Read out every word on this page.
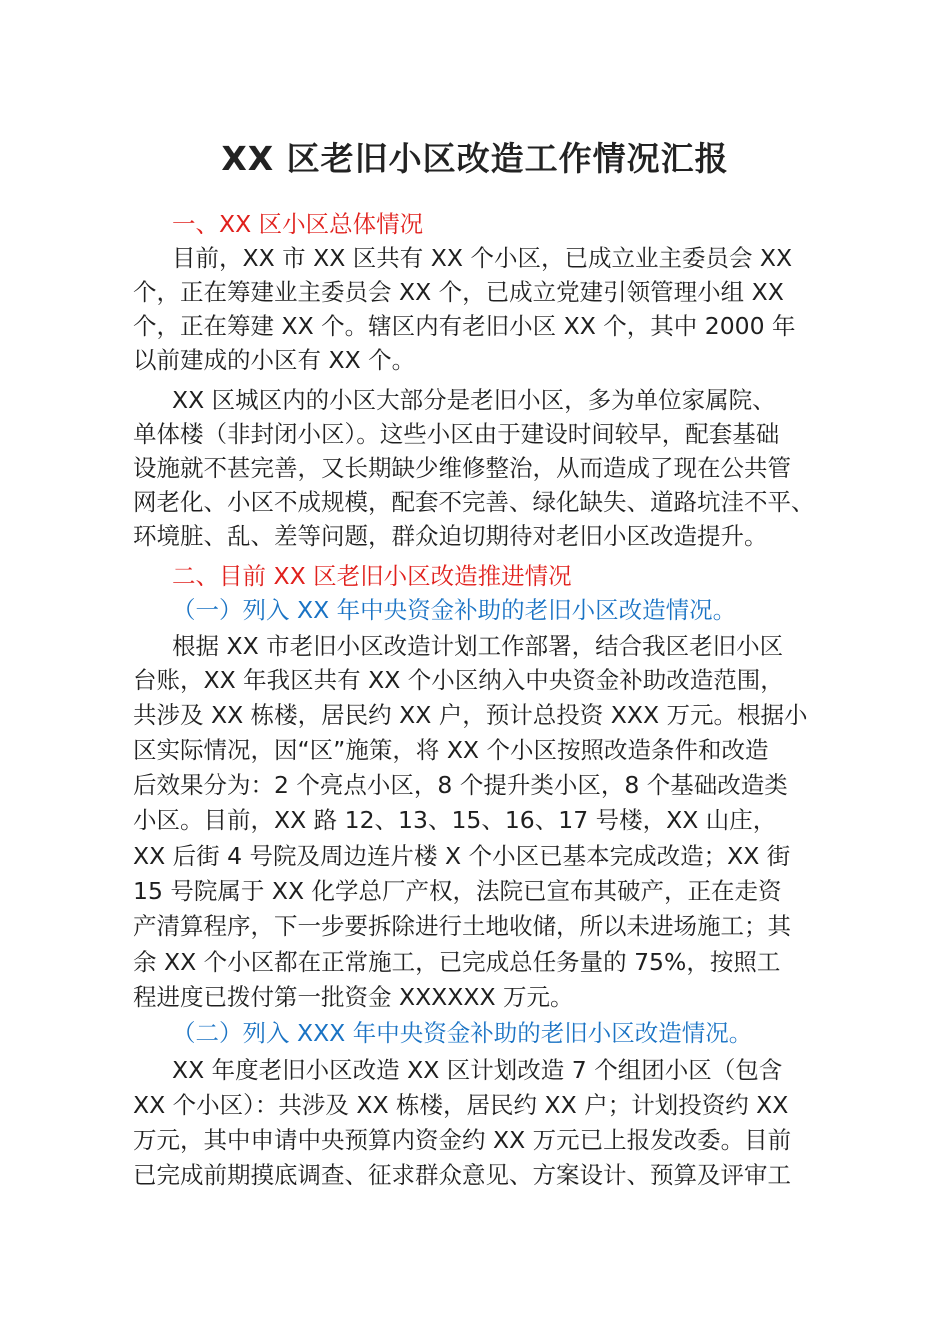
XX 区老旧小区改造工作情况汇报
一、XX 区小区总体情况
目前，XX 市 XX 区共有 XX 个小区，已成立业主委员会 XX
个，正在筹建业主委员会 XX 个，已成立党建引领管理小组 XX
个，正在筹建 XX 个。辖区内有老旧小区 XX 个，其中 2000 年
以前建成的小区有 XX 个。
XX 区城区内的小区大部分是老旧小区，多为单位家属院、
单体楼（非封闭小区）。这些小区由于建设时间较早，配套基础
设施就不甚完善，又长期缺少维修整治，从而造成了现在公共管
网老化、小区不成规模，配套不完善、绿化缺失、道路坑洼不平、
环境脏、乱、差等问题，群众迫切期待对老旧小区改造提升。
二、目前 XX 区老旧小区改造推进情况
（一）列入 XX 年中央资金补助的老旧小区改造情况。
根据 XX 市老旧小区改造计划工作部署，结合我区老旧小区
台账，XX 年我区共有 XX 个小区纳入中央资金补助改造范围，
共涉及 XX 栋楼，居民约 XX 户，预计总投资 XXX 万元。根据小
区实际情况，因“区”施策，将 XX 个小区按照改造条件和改造
后效果分为：2 个亮点小区，8 个提升类小区，8 个基础改造类
小区。目前，XX 路 12、13、15、16、17 号楼，XX 山庄，
XX 后街 4 号院及周边连片楼 X 个小区已基本完成改造；XX 街
15 号院属于 XX 化学总厂产权，法院已宣布其破产，正在走资
产清算程序，下一步要拆除进行土地收储，所以未进场施工；其
余 XX 个小区都在正常施工，已完成总任务量的 75%，按照工
程进度已拨付第一批资金 XXXXXX 万元。
（二）列入 XXX 年中央资金补助的老旧小区改造情况。
XX 年度老旧小区改造 XX 区计划改造 7 个组团小区（包含
XX 个小区）：共涉及 XX 栋楼，居民约 XX 户；计划投资约 XX
万元，其中申请中央预算内资金约 XX 万元已上报发改委。目前
已完成前期摸底调查、征求群众意见、方案设计、预算及评审工
